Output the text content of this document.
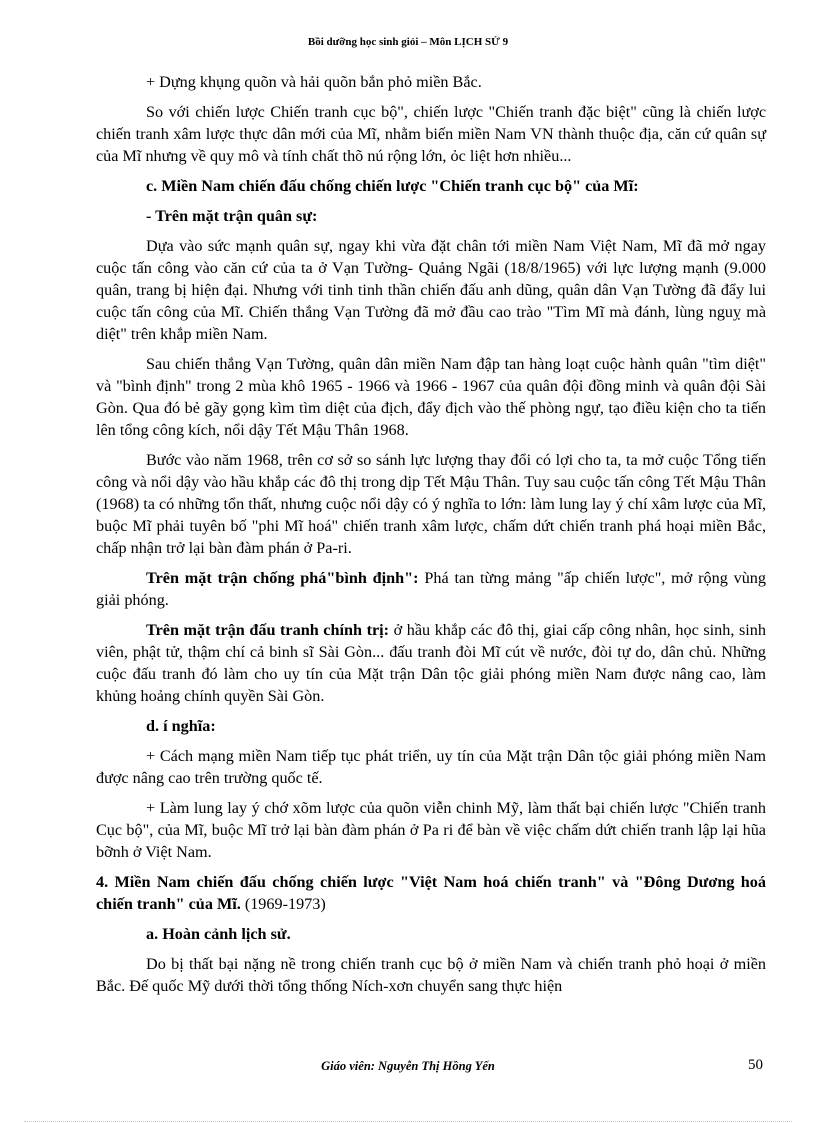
Bồi dưỡng học sinh giỏi – Môn LỊCH SỬ 9

+ Dựng khụng quõn và hải quõn bắn phỏ miền Bắc.

So với chiến lược Chiến tranh cục bộ", chiến lược "Chiến tranh đặc biệt" cũng là chiến lược chiến tranh xâm lược thực dân mới của Mĩ, nhằm biến miền Nam VN thành thuộc địa, căn cứ quân sự của Mĩ nhưng về quy mô và tính chất thõ nú rộng lớn, ỏc liệt hơn nhiều...

c. Miền Nam chiến đấu chống chiến lược "Chiến tranh cục bộ" của Mĩ:

- Trên mặt trận quân sự:

Dựa vào sức mạnh quân sự, ngay khi vừa đặt chân tới miền Nam Việt Nam, Mĩ đã mở ngay cuộc tấn công vào căn cứ của ta ở Vạn Tường- Quảng Ngãi (18/8/1965) với lực lượng mạnh (9.000 quân, trang bị hiện đại. Nhưng với tinh tinh thần chiến đấu anh dũng, quân dân Vạn Tường đã đẩy lui cuộc tấn công của Mĩ. Chiến thắng Vạn Tường đã mở đầu cao trào "Tìm Mĩ mà đánh, lùng nguỵ mà diệt" trên khắp miền Nam.

Sau chiến thắng Vạn Tường, quân dân miền Nam đập tan hàng loạt cuộc hành quân "tìm diệt" và "bình định" trong 2 mùa khô 1965 - 1966 và 1966 - 1967 của quân đội đồng minh và quân đội Sài Gòn. Qua đó bẻ gãy gọng kìm tìm diệt của địch, đẩy địch vào thế phòng ngự, tạo điều kiện cho ta tiến lên tổng công kích, nổi dậy Tết Mậu Thân 1968.

Bước vào năm 1968, trên cơ sở so sánh lực lượng thay đổi có lợi cho ta, ta mở cuộc Tổng tiến công và nổi dậy vào hầu khắp các đô thị trong dịp Tết Mậu Thân. Tuy sau cuộc tấn công Tết Mậu Thân (1968) ta có những tổn thất, nhưng cuộc nổi dậy có ý nghĩa to lớn: làm lung lay ý chí xâm lược của Mĩ, buộc Mĩ phải tuyên bố "phi Mĩ hoá" chiến tranh xâm lược, chấm dứt chiến tranh phá hoại miền Bắc, chấp nhận trở lại bàn đàm phán ở Pa-ri.

Trên mặt trận chống phá"bình định": Phá tan từng mảng "ấp chiến lược", mở rộng vùng giải phóng.

Trên mặt trận đấu tranh chính trị: ở hầu khắp các đô thị, giai cấp công nhân, học sinh, sinh viên, phật tử, thậm chí cả binh sĩ Sài Gòn... đấu tranh đòi Mĩ cút về nước, đòi tự do, dân chủ. Những cuộc đấu tranh đó làm cho uy tín của Mặt trận Dân tộc giải phóng miền Nam được nâng cao, làm khủng hoảng chính quyền Sài Gòn.

d. í nghĩa:

+ Cách mạng miền Nam tiếp tục phát triển, uy tín của Mặt trận Dân tộc giải phóng miền Nam được nâng cao trên trường quốc tế.

+ Làm lung lay ý chớ xõm lược của quõn viễn chinh Mỹ, làm thất bại chiến lược "Chiến tranh Cục bộ", của Mĩ, buộc Mĩ trở lại bàn đàm phán ở Pa ri để bàn về việc chấm dứt chiến tranh lập lại hũa bỡnh ở Việt Nam.

4. Miền Nam chiến đấu chống chiến lược "Việt Nam hoá chiến tranh" và "Đông Dương hoá chiến tranh" của Mĩ. (1969-1973)

a. Hoàn cảnh lịch sử.

Do bị thất bại nặng nề trong chiến tranh cục bộ ở miền Nam và chiến tranh phỏ hoại ở miền Bắc. Đế quốc Mỹ dưới thời tổng thống Ních-xơn chuyển sang thực hiện

Giáo viên: Nguyễn Thị Hồng Yến	50
